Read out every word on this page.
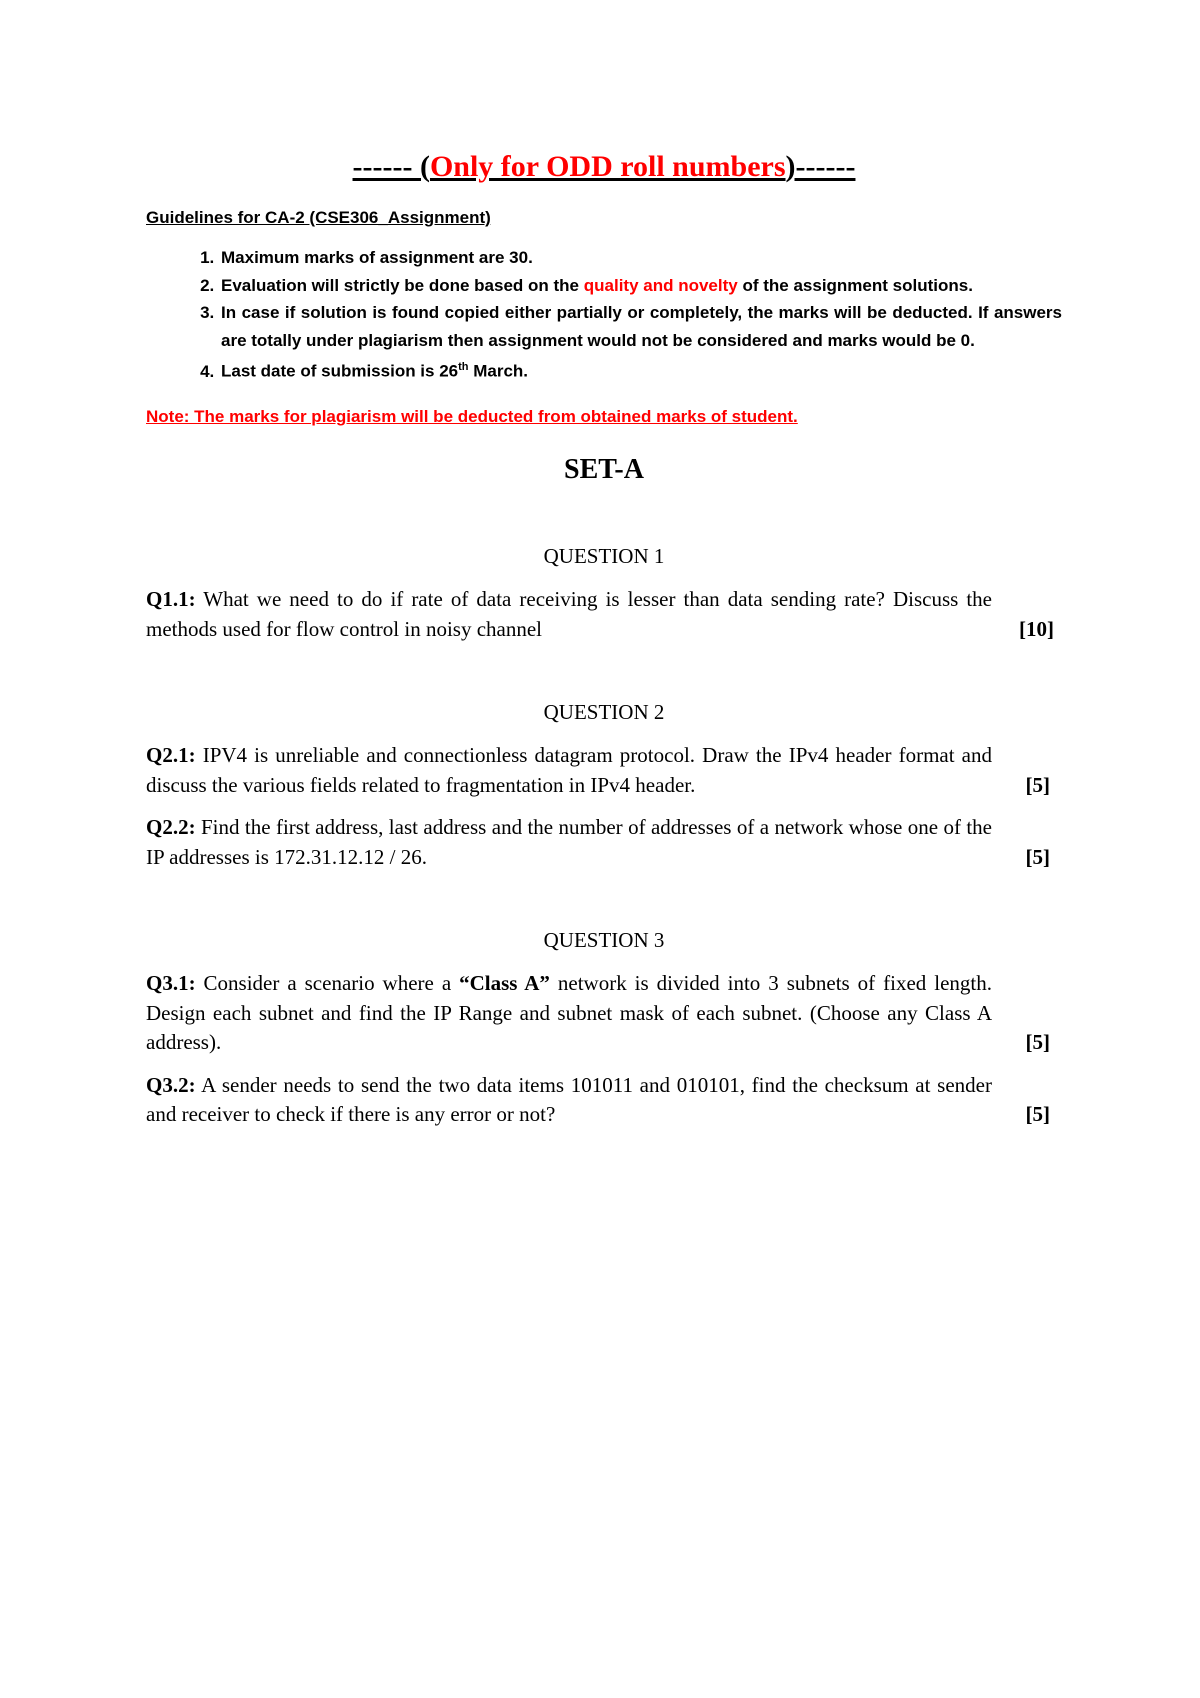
------ (Only for ODD roll numbers)------
Guidelines for CA-2 (CSE306_Assignment)
1. Maximum marks of assignment are 30.
2. Evaluation will strictly be done based on the quality and novelty of the assignment solutions.
3. In case if solution is found copied either partially or completely, the marks will be deducted. If answers are totally under plagiarism then assignment would not be considered and marks would be 0.
4. Last date of submission is 26th March.
Note: The marks for plagiarism will be deducted from obtained marks of student.
SET-A
QUESTION 1

Q1.1: What we need to do if rate of data receiving is lesser than data sending rate? Discuss the methods used for flow control in noisy channel	[10]

QUESTION 2

Q2.1: IPV4 is unreliable and connectionless datagram protocol. Draw the IPv4 header format and discuss the various fields related to fragmentation in IPv4 header.	[5]

Q2.2: Find the first address, last address and the number of addresses of a network whose one of the IP addresses is 172.31.12.12 / 26.	[5]

QUESTION 3

Q3.1: Consider a scenario where a “Class A” network is divided into 3 subnets of fixed length. Design each subnet and find the IP Range and subnet mask of each subnet. (Choose any Class A address).	[5]

Q3.2: A sender needs to send the two data items 101011 and 010101, find the checksum at sender and receiver to check if there is any error or not?	[5]
